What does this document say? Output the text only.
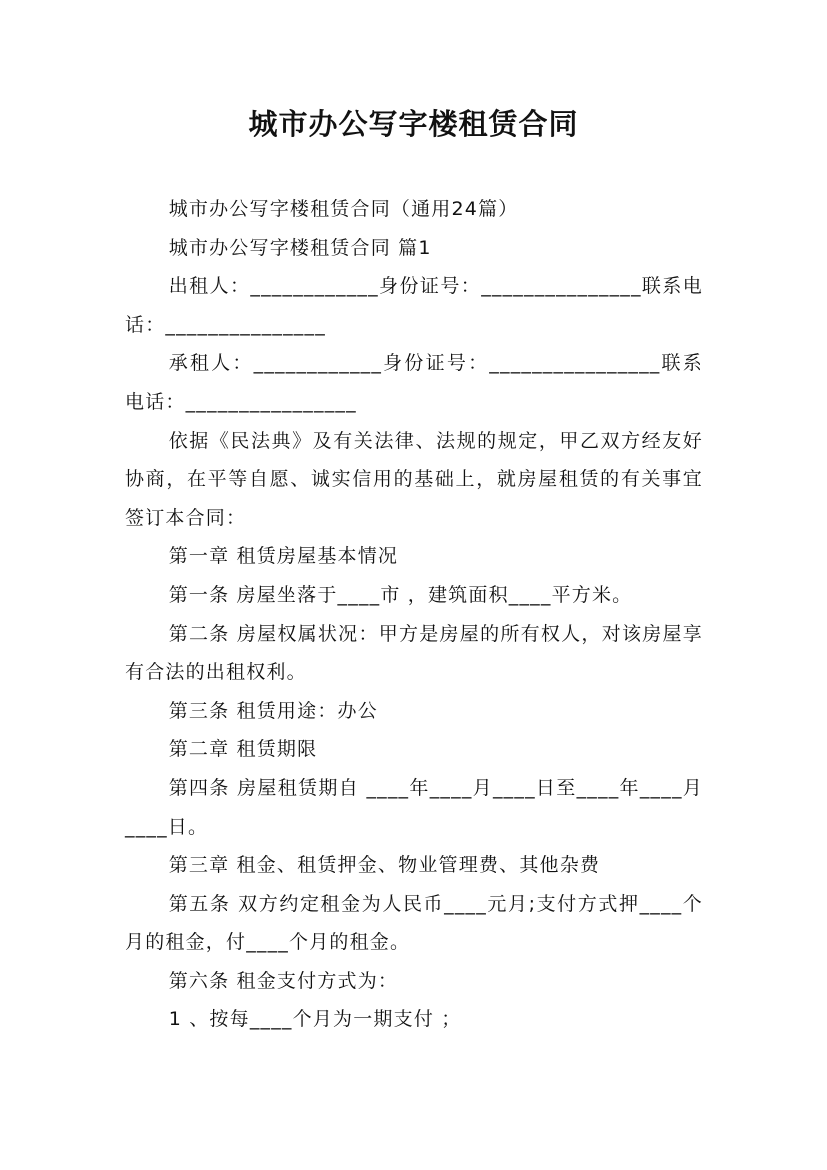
城市办公写字楼租赁合同

城市办公写字楼租赁合同（通用24篇）

城市办公写字楼租赁合同 篇1

出租人：____________身份证号：_______________联系电话：_______________

承租人：____________身份证号：________________联系电话：________________

依据《民法典》及有关法律、法规的规定，甲乙双方经友好协商，在平等自愿、诚实信用的基础上，就房屋租赁的有关事宜签订本合同：

第一章 租赁房屋基本情况

第一条 房屋坐落于____市 ，建筑面积____平方米。

第二条 房屋权属状况：甲方是房屋的所有权人，对该房屋享有合法的出租权利。

第三条 租赁用途：办公

第二章 租赁期限

第四条 房屋租赁期自 ____年____月____日至____年____月____日。

第三章 租金、租赁押金、物业管理费、其他杂费

第五条 双方约定租金为人民币____元月;支付方式押____个月的租金，付____个月的租金。

第六条 租金支付方式为：

1 、按每____个月为一期支付 ；
